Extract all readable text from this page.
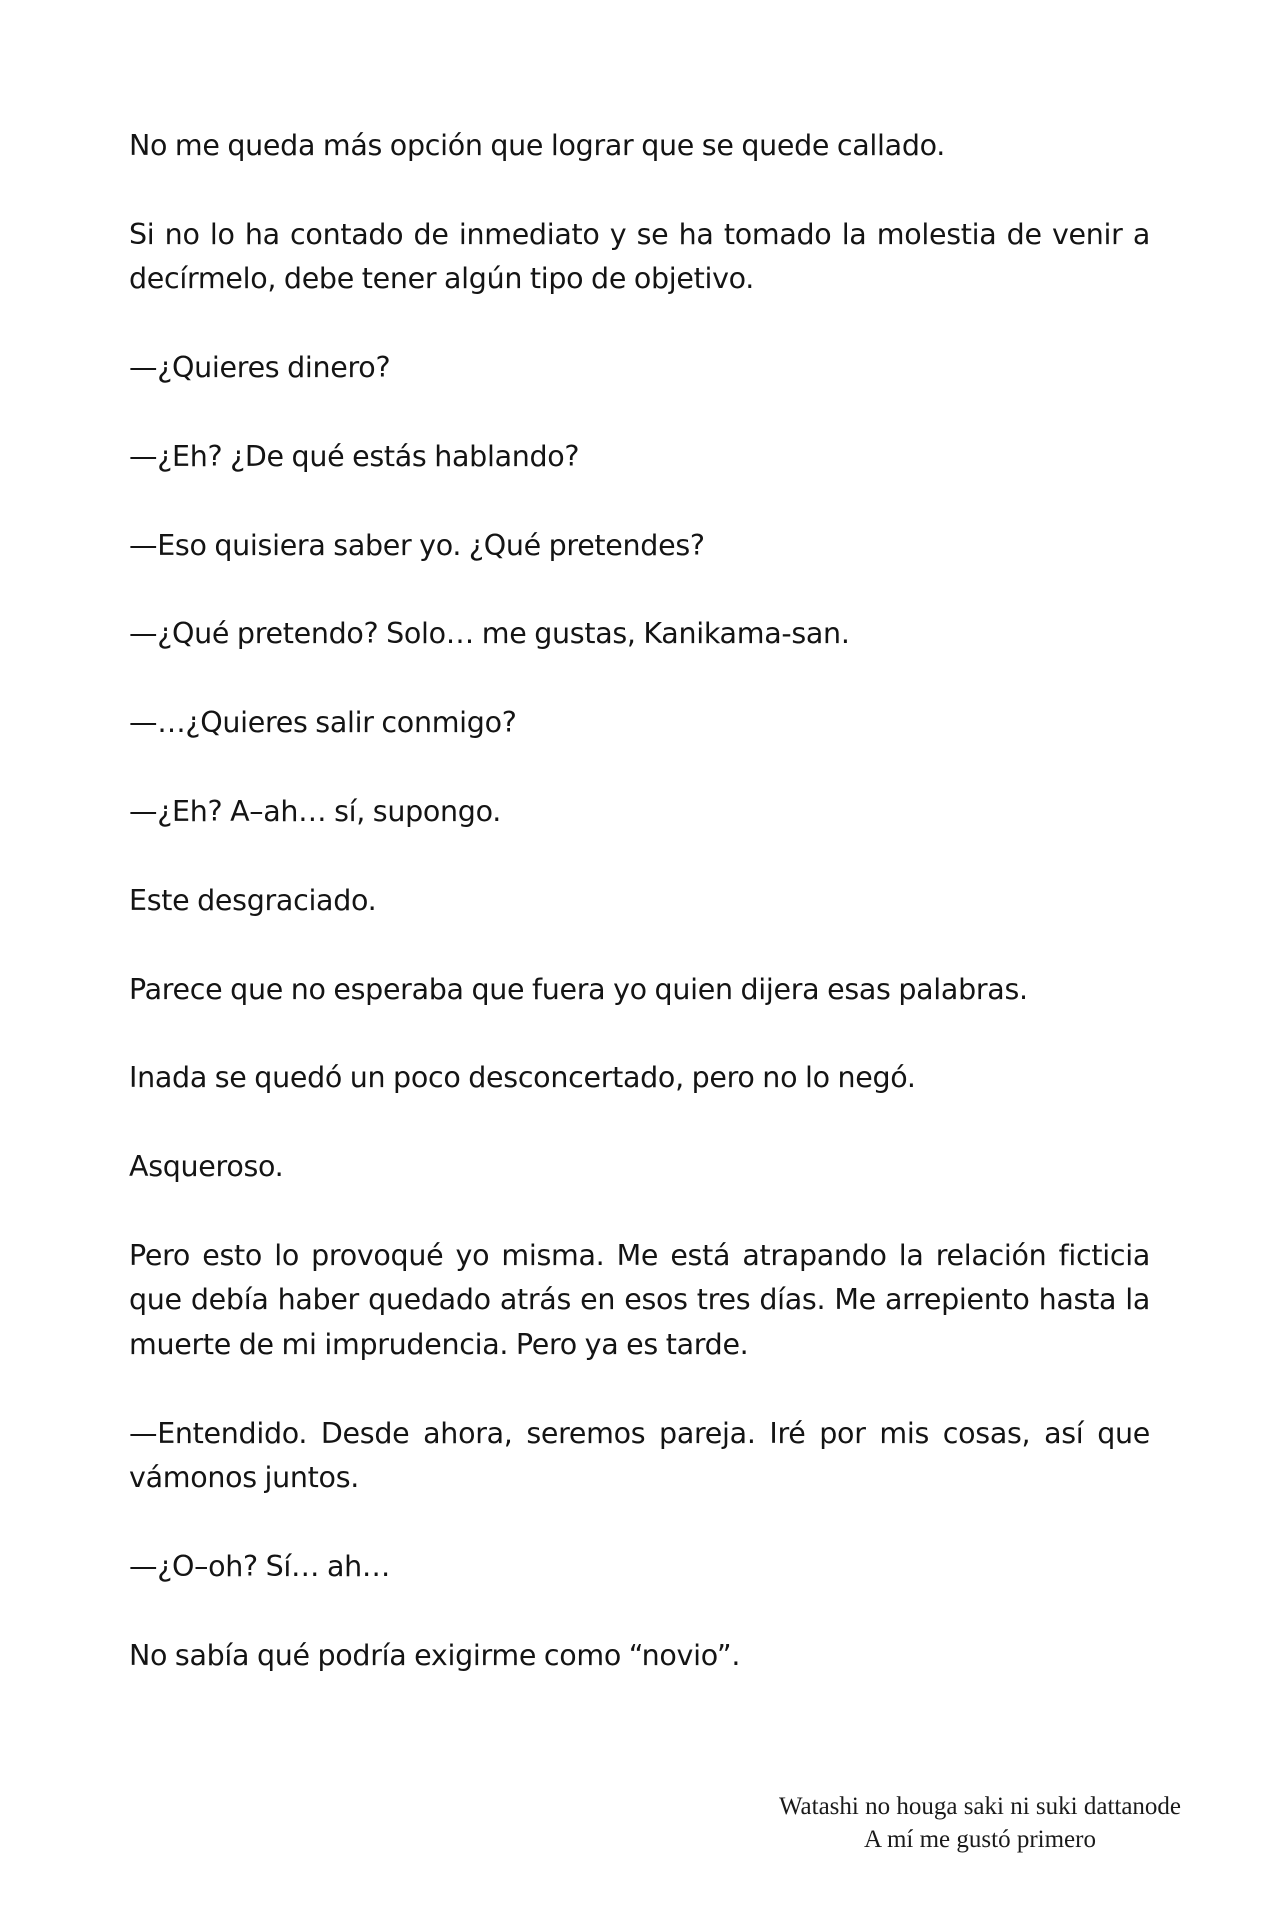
No me queda más opción que lograr que se quede callado.

Si no lo ha contado de inmediato y se ha tomado la molestia de venir a decírmelo, debe tener algún tipo de objetivo.

—¿Quieres dinero?

—¿Eh? ¿De qué estás hablando?

—Eso quisiera saber yo. ¿Qué pretendes?

—¿Qué pretendo? Solo… me gustas, Kanikama-san.

—…¿Quieres salir conmigo?

—¿Eh? A–ah… sí, supongo.

Este desgraciado.

Parece que no esperaba que fuera yo quien dijera esas palabras.

Inada se quedó un poco desconcertado, pero no lo negó.

Asqueroso.

Pero esto lo provoqué yo misma. Me está atrapando la relación ficticia que debía haber quedado atrás en esos tres días. Me arrepiento hasta la muerte de mi imprudencia. Pero ya es tarde.

—Entendido. Desde ahora, seremos pareja. Iré por mis cosas, así que vámonos juntos.

—¿O–oh? Sí… ah…

No sabía qué podría exigirme como “novio”.

Watashi no houga saki ni suki dattanode
A mí me gustó primero
